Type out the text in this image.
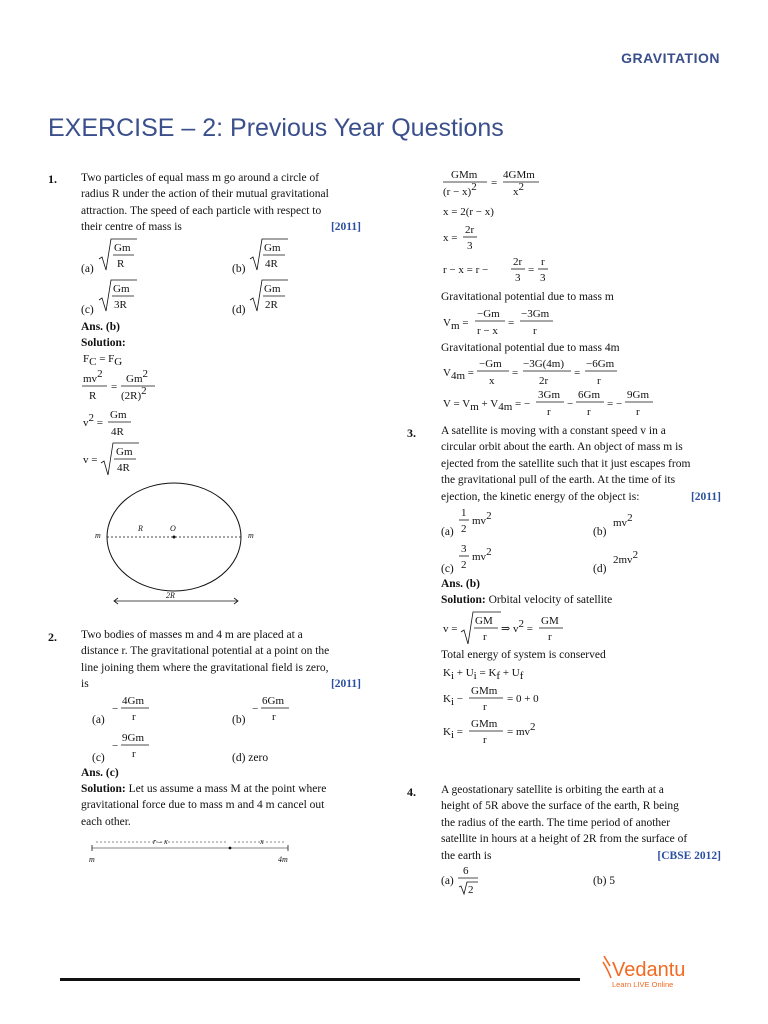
GRAVITATION
EXERCISE – 2: Previous Year Questions
1. Two particles of equal mass m go around a circle of
radius R under the action of their mutual gravitational
attraction. The speed of each particle with respect to
their centre of mass is	[2011]
(a)
Gm
R	(b)
Gm
4R
(c)
Gm
3R	(d)
Gm
2R
Ans. (b)
Solution:
FC = FG
mv2
R
=
Gm2
(2R)2
v2 =
Gm
4R
v =
Gm
4R
m
R	O
m
2R
2. Two bodies of masses m and 4 m are placed at a
distance r. The gravitational potential at a point on the
line joining them where the gravitational field is zero,
is	[2011]
(a)
−
4Gm
r	(b)
−
6Gm
r
(c)
−
9Gm
r	(d) zero
Ans. (c)
Solution: Let us assume a mass M at the point where
gravitational force due to mass m and 4 m cancel out
each other.
r – x	x
m	4m
GMm
(r − x)2 =
4GMm
x2
x = 2(r − x)
x =
2r
3
r − x = r −
2r
3
=
r
3
Gravitational potential due to mass m
Vm =
−Gm
r − x
=
−3Gm
r
Gravitational potential due to mass 4m
V4m =
−Gm
x
=
−3G(4m)
2r
=
−6Gm
r
V = Vm + V4m = −
3Gm
r
−
6Gm
r
= −
9Gm
r
3. A satellite is moving with a constant speed v in a
circular orbit about the earth. An object of mass m is
ejected from the satellite such that it just escapes from
the gravitational pull of the earth. At the time of its
ejection, the kinetic energy of the object is:	[2011]
(a)
1
2
mv2
(b)
mv2
(c)
3
2
mv2
(d)
2mv2
Ans. (b)
Solution: Orbital velocity of satellite
v =
GM
r
⇒ v2 =
GM
r
Total energy of system is conserved
Ki + Ui = Kf + Uf
Ki −
GMm
r
= 0 + 0
Ki =
GMm
r
= mv2
4. A geostationary satellite is orbiting the earth at a
height of 5R above the surface of the earth, R being
the radius of the earth. The time period of another
satellite in hours at a height of 2R from the surface of
the earth is	[CBSE 2012]
(a)
6
2
(b) 5
Vedantu
Learn LIVE Online
